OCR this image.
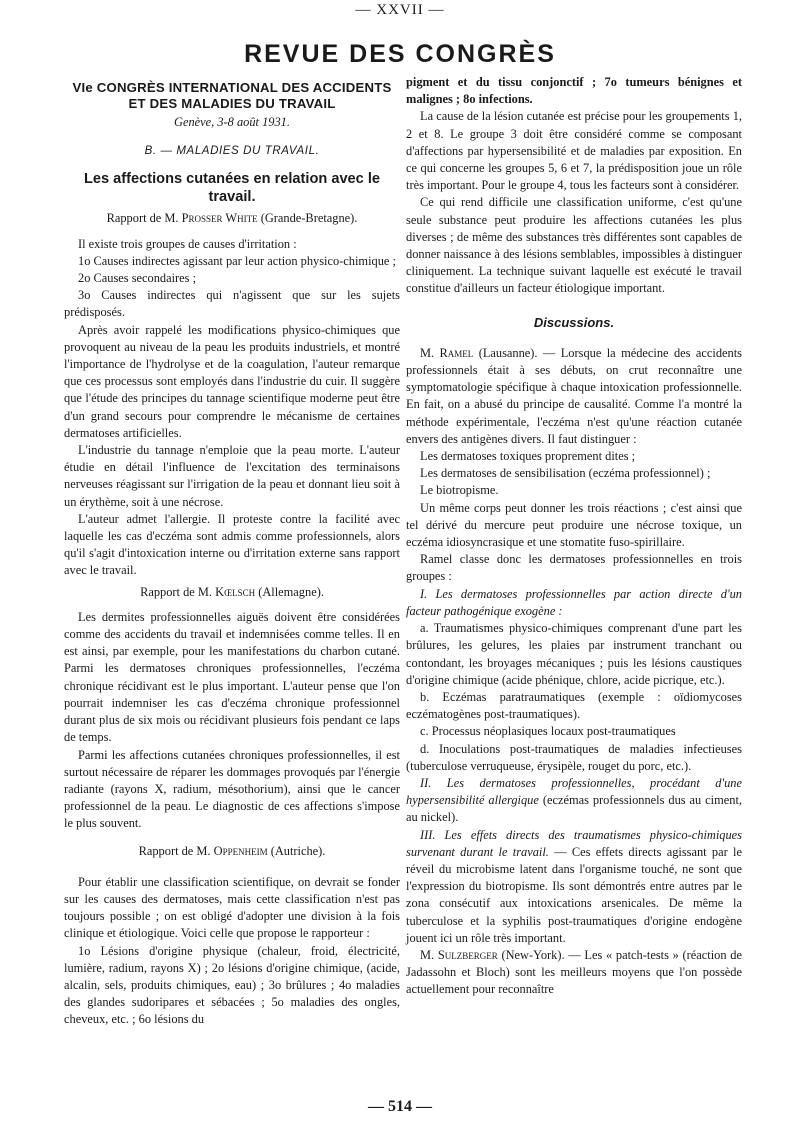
— XXVII —
REVUE DES CONGRÈS
VIe CONGRÈS INTERNATIONAL DES ACCIDENTS ET DES MALADIES DU TRAVAIL
Genève, 3-8 août 1931.
B. — MALADIES DU TRAVAIL.
Les affections cutanées en relation avec le travail.
Rapport de M. Prosser White (Grande-Bretagne).

Il existe trois groupes de causes d'irritation :

1o Causes indirectes agissant par leur action physico-chimique ;

2o Causes secondaires ;

3o Causes indirectes qui n'agissent que sur les sujets prédisposés.

Après avoir rappelé les modifications physico-chimiques que provoquent au niveau de la peau les produits industriels, et montré l'importance de l'hydrolyse et de la coagulation, l'auteur remarque que ces processus sont employés dans l'industrie du cuir. Il suggère que l'étude des principes du tannage scientifique moderne peut être d'un grand secours pour comprendre le mécanisme de certaines dermatoses artificielles.

L'industrie du tannage n'emploie que la peau morte. L'auteur étudie en détail l'influence de l'excitation des terminaisons nerveuses réagissant sur l'irrigation de la peau et donnant lieu soit à un érythème, soit à une nécrose.

L'auteur admet l'allergie. Il proteste contre la facilité avec laquelle les cas d'eczéma sont admis comme professionnels, alors qu'il s'agit d'intoxication interne ou d'irritation externe sans rapport avec le travail.

Rapport de M. Kœlsch (Allemagne).

Les dermites professionnelles aiguës doivent être considérées comme des accidents du travail et indemnisées comme telles. Il en est ainsi, par exemple, pour les manifestations du charbon cutané. Parmi les dermatoses chroniques professionnelles, l'eczéma chronique récidivant est le plus important. L'auteur pense que l'on pourrait indemniser les cas d'eczéma chronique professionnel durant plus de six mois ou récidivant plusieurs fois pendant ce laps de temps.

Parmi les affections cutanées chroniques professionnelles, il est surtout nécessaire de réparer les dommages provoqués par l'énergie radiante (rayons X, radium, mésothorium), ainsi que le cancer professionnel de la peau. Le diagnostic de ces affections s'impose le plus souvent.

Rapport de M. Oppenheim (Autriche).

Pour établir une classification scientifique, on devrait se fonder sur les causes des dermatoses, mais cette classification n'est pas toujours possible ; on est obligé d'adopter une division à la fois clinique et étiologique. Voici celle que propose le rapporteur :

1o Lésions d'origine physique (chaleur, froid, électricité, lumière, radium, rayons X) ; 2o lésions d'origine chimique, (acide, alcalin, sels, produits chimiques, eau) ; 3o brûlures ; 4o maladies des glandes sudoripares et sébacées ; 5o maladies des ongles, cheveux, etc. ; 6o lésions du

pigment et du tissu conjonctif ; 7o tumeurs bénignes et malignes ; 8o infections.

La cause de la lésion cutanée est précise pour les groupements 1, 2 et 8. Le groupe 3 doit être considéré comme se composant d'affections par hypersensibilité et de maladies par exposition. En ce qui concerne les groupes 5, 6 et 7, la prédisposition joue un rôle très important. Pour le groupe 4, tous les facteurs sont à considérer.

Ce qui rend difficile une classification uniforme, c'est qu'une seule substance peut produire les affections cutanées les plus diverses ; de même des substances très différentes sont capables de donner naissance à des lésions semblables, impossibles à distinguer cliniquement. La technique suivant laquelle est exécuté le travail constitue d'ailleurs un facteur étiologique important.

Discussions.

M. Ramel (Lausanne). — Lorsque la médecine des accidents professionnels était à ses débuts, on crut reconnaître une symptomatologie spécifique à chaque intoxication professionnelle. En fait, on a abusé du principe de causalité. Comme l'a montré la méthode expérimentale, l'eczéma n'est qu'une réaction cutanée envers des antigènes divers. Il faut distinguer :

Les dermatoses toxiques proprement dites ;

Les dermatoses de sensibilisation (eczéma professionnel) ;

Le biotropisme.

Un même corps peut donner les trois réactions ; c'est ainsi que tel dérivé du mercure peut produire une nécrose toxique, un eczéma idiosyncrasique et une stomatite fuso-spirillaire.

Ramel classe donc les dermatoses professionnelles en trois groupes :

I. Les dermatoses professionnelles par action directe d'un facteur pathogénique exogène :

a. Traumatismes physico-chimiques comprenant d'une part les brûlures, les gelures, les plaies par instrument tranchant ou contondant, les broyages mécaniques ; puis les lésions caustiques d'origine chimique (acide phénique, chlore, acide picrique, etc.).

b. Eczémas paratraumatiques (exemple : oïdiomycoses eczématogènes post-traumatiques).

c. Processus néoplasiques locaux post-traumatiques

d. Inoculations post-traumatiques de maladies infectieuses (tuberculose verruqueuse, érysipèle, rouget du porc, etc.).

II. Les dermatoses professionnelles, procédant d'une hypersensibilité allergique (eczémas professionnels dus au ciment, au nickel).

III. Les effets directs des traumatismes physico-chimiques survenant durant le travail. — Ces effets directs agissant par le réveil du microbisme latent dans l'organisme touché, ne sont que l'expression du biotropisme. Ils sont démontrés entre autres par le zona consécutif aux intoxications arsenicales. De même la tuberculose et la syphilis post-traumatiques d'origine endogène jouent ici un rôle très important.

M. Sulzberger (New-York). — Les « patch-tests » (réaction de Jadassohn et Bloch) sont les meilleurs moyens que l'on possède actuellement pour reconnaître

— 514 —
